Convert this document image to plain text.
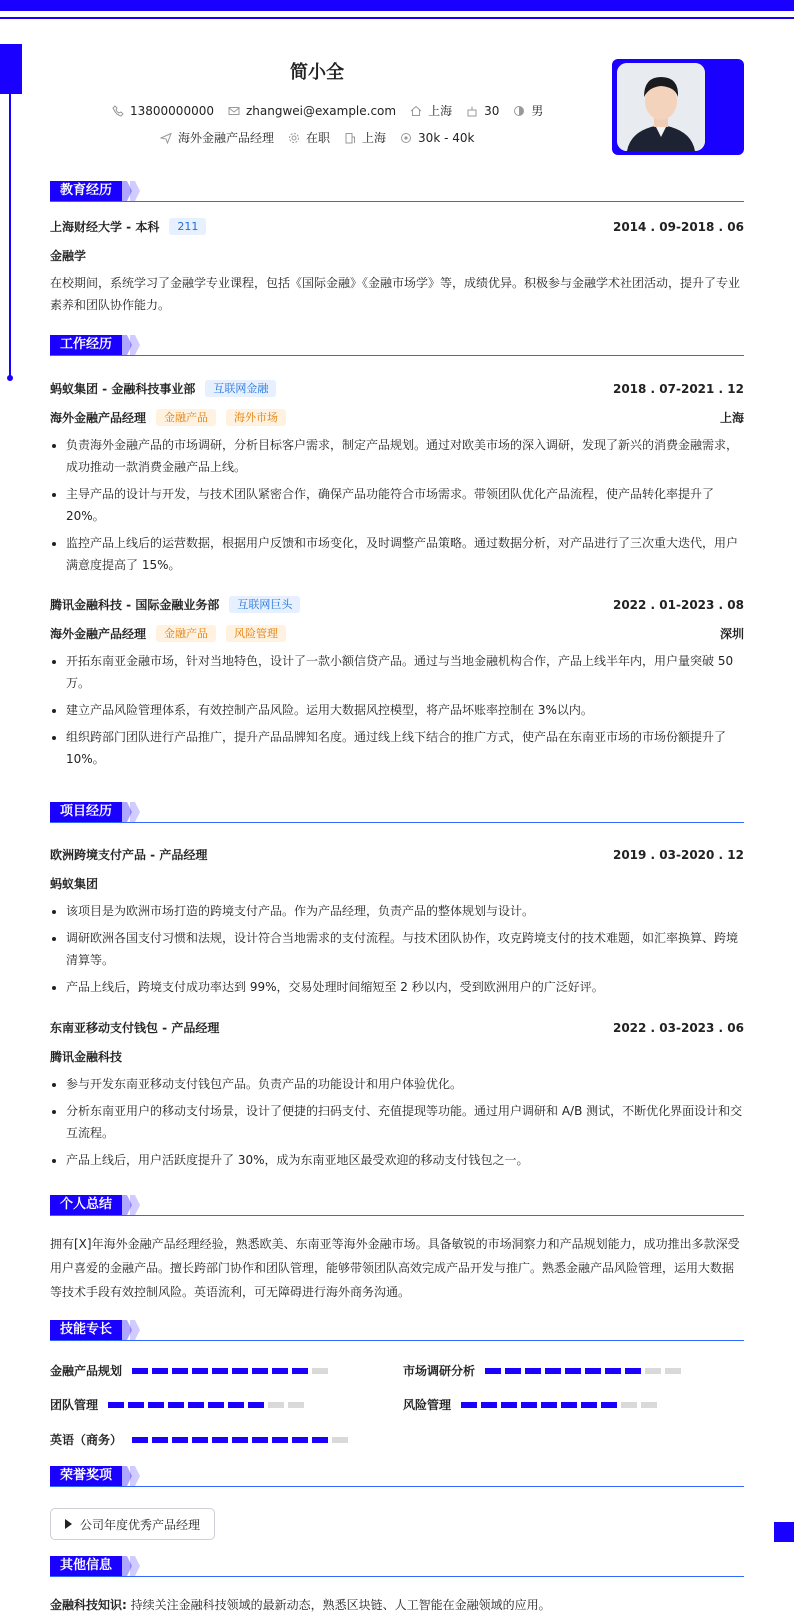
简小全
13800000000	zhangwei@example.com	上海	30	男
海外金融产品经理	在职	上海	30k - 40k
教育经历
上海财经大学 - 本科	211	2014 . 09-2018 . 06
金融学
在校期间，系统学习了金融学专业课程，包括《国际金融》《金融市场学》等，成绩优异。积极参与金融学术社团活动，提升了专业素养和团队协作能力。
工作经历
蚂蚁集团 - 金融科技事业部	互联网金融	2018 . 07-2021 . 12
海外金融产品经理	金融产品	海外市场	上海
负责海外金融产品的市场调研，分析目标客户需求，制定产品规划。通过对欧美市场的深入调研，发现了新兴的消费金融需求，成功推动一款消费金融产品上线。
主导产品的设计与开发，与技术团队紧密合作，确保产品功能符合市场需求。带领团队优化产品流程，使产品转化率提升了 20%。
监控产品上线后的运营数据，根据用户反馈和市场变化，及时调整产品策略。通过数据分析，对产品进行了三次重大迭代，用户满意度提高了 15%。
腾讯金融科技 - 国际金融业务部	互联网巨头	2022 . 01-2023 . 08
海外金融产品经理	金融产品	风险管理	深圳
开拓东南亚金融市场，针对当地特色，设计了一款小额信贷产品。通过与当地金融机构合作，产品上线半年内，用户量突破 50 万。
建立产品风险管理体系，有效控制产品风险。运用大数据风控模型，将产品坏账率控制在 3%以内。
组织跨部门团队进行产品推广，提升产品品牌知名度。通过线上线下结合的推广方式，使产品在东南亚市场的市场份额提升了 10%。
项目经历
欧洲跨境支付产品 - 产品经理	2019 . 03-2020 . 12
蚂蚁集团
该项目是为欧洲市场打造的跨境支付产品。作为产品经理，负责产品的整体规划与设计。
调研欧洲各国支付习惯和法规，设计符合当地需求的支付流程。与技术团队协作，攻克跨境支付的技术难题，如汇率换算、跨境清算等。
产品上线后，跨境支付成功率达到 99%，交易处理时间缩短至 2 秒以内，受到欧洲用户的广泛好评。
东南亚移动支付钱包 - 产品经理	2022 . 03-2023 . 06
腾讯金融科技
参与开发东南亚移动支付钱包产品。负责产品的功能设计和用户体验优化。
分析东南亚用户的移动支付场景，设计了便捷的扫码支付、充值提现等功能。通过用户调研和 A/B 测试，不断优化界面设计和交互流程。
产品上线后，用户活跃度提升了 30%，成为东南亚地区最受欢迎的移动支付钱包之一。
个人总结
拥有[X]年海外金融产品经理经验，熟悉欧美、东南亚等海外金融市场。具备敏锐的市场洞察力和产品规划能力，成功推出多款深受用户喜爱的金融产品。擅长跨部门协作和团队管理，能够带领团队高效完成产品开发与推广。熟悉金融产品风险管理，运用大数据等技术手段有效控制风险。英语流利，可无障碍进行海外商务沟通。
技能专长
金融产品规划	市场调研分析
团队管理	风险管理
英语（商务）
荣誉奖项
公司年度优秀产品经理
其他信息
金融科技知识: 持续关注金融科技领域的最新动态，熟悉区块链、人工智能在金融领域的应用。
